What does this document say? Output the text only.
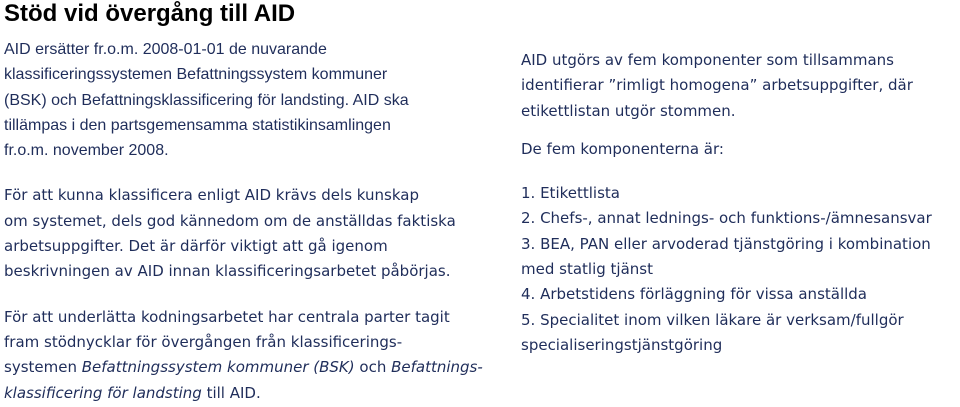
Stöd vid övergång till AID

AID ersätter fr.o.m. 2008-01-01 de nuvarande
klassificeringssystemen Befattningssystem kommuner
(BSK) och Befattningsklassificering för landsting. AID ska
tillämpas i den partsgemensamma statistikinsamlingen
fr.o.m. november 2008.

För att kunna klassificera enligt AID krävs dels kunskap
om systemet, dels god kännedom om de anställdas faktiska
arbetsuppgifter. Det är därför viktigt att gå igenom
beskrivningen av AID innan klassificeringsarbetet påbörjas.

För att underlätta kodningsarbetet har centrala parter tagit
fram stödnycklar för övergången från klassificerings-
systemen Befattningssystem kommuner (BSK) och Befattnings-
klassificering för landsting till AID.

AID utgörs av fem komponenter som tillsammans
identifierar ”rimligt homogena” arbetsuppgifter, där
etikettlistan utgör stommen.

De fem komponenterna är:

1. Etikettlista
2. Chefs-, annat lednings- och funktions-/ämnesansvar
3. BEA, PAN eller arvoderad tjänstgöring i kombination
med statlig tjänst
4. Arbetstidens förläggning för vissa anställda
5. Specialitet inom vilken läkare är verksam/fullgör
specialiseringstjänstgöring
